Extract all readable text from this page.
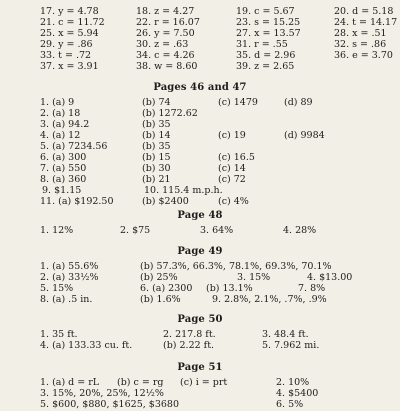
17. y = 4.78	18. z = 4.27	19. c = 5.67	20. d = 5.18
21. c = 11.72	22. r = 16.07	23. s = 15.25	24. t = 14.17
25. x = 5.94	26. y = 7.50	27. x = 13.57	28. x = .51
29. y = .86	30. z = .63	31. r = .55	32. s = .86
33. t = .72	34. c = 4.26	35. d = 2.96	36. e = 3.70
37. x = 3.91	38. w = 8.60	39. z = 2.65
Pages 46 and 47
1. (a) 9	(b) 74	(c) 1479	(d) 89
2. (a) 18	(b) 1272.62
3. (a) 94.2	(b) 35
4. (a) 12	(b) 14	(c) 19	(d) 9984
5. (a) 7234.56	(b) 35
6. (a) 300	(b) 15	(c) 16.5
7. (a) 550	(b) 30	(c) 14
8. (a) 360	(b) 21	(c) 72
9. $1.15	10. 115.4 m.p.h.
11. (a) $192.50	(b) $2400	(c) 4%
Page 48
1. 12%	2. $75	3. 64%	4. 28%
Page 49
1. (a) 55.6%	(b) 57.3%, 66.3%, 78.1%, 69.3%, 70.1%
2. (a) 33½%	(b) 25%	3. 15%	4. $13.00
5. 15%	6. (a) 2300 (b) 13.1%	7. 8%
8. (a) .5 in.	(b) 1.6%	9. 2.8%, 2.1%, .7%, .9%
Page 50
1. 35 ft.	2. 217.8 ft.	3. 48.4 ft.
4. (a) 133.33 cu. ft.	(b) 2.22 ft.	5. 7.962 mi.
Page 51
1. (a) d = rL (b) c = rg (c) i = prt	2. 10%
3. 15%, 20%, 25%, 12½%	4. $5400
5. $600, $880, $1625, $3680	6. 5%
